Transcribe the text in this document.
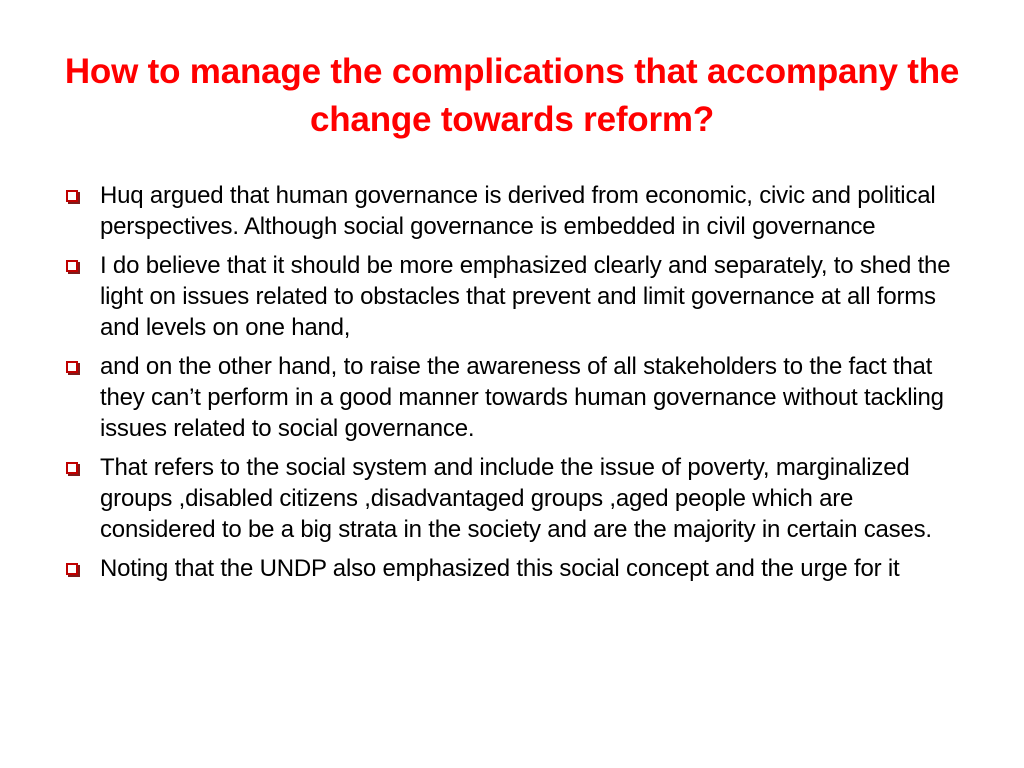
How to manage the complications that accompany the change towards reform?
Huq argued that human governance is derived from economic, civic and political perspectives. Although social governance is embedded in civil governance
I do believe that it should be more emphasized clearly and separately, to shed the light on issues related to obstacles that prevent and limit governance at all forms and levels on one hand,
and on the other hand, to raise the awareness of all stakeholders to the fact that they can’t perform in a good manner towards human governance without tackling issues related to social governance.
That refers to the social system and include the issue of poverty, marginalized groups ,disabled citizens ,disadvantaged groups ,aged people which are considered to be a big strata in the society and are the majority in certain cases.
Noting that the UNDP also emphasized this social concept and the urge for it
